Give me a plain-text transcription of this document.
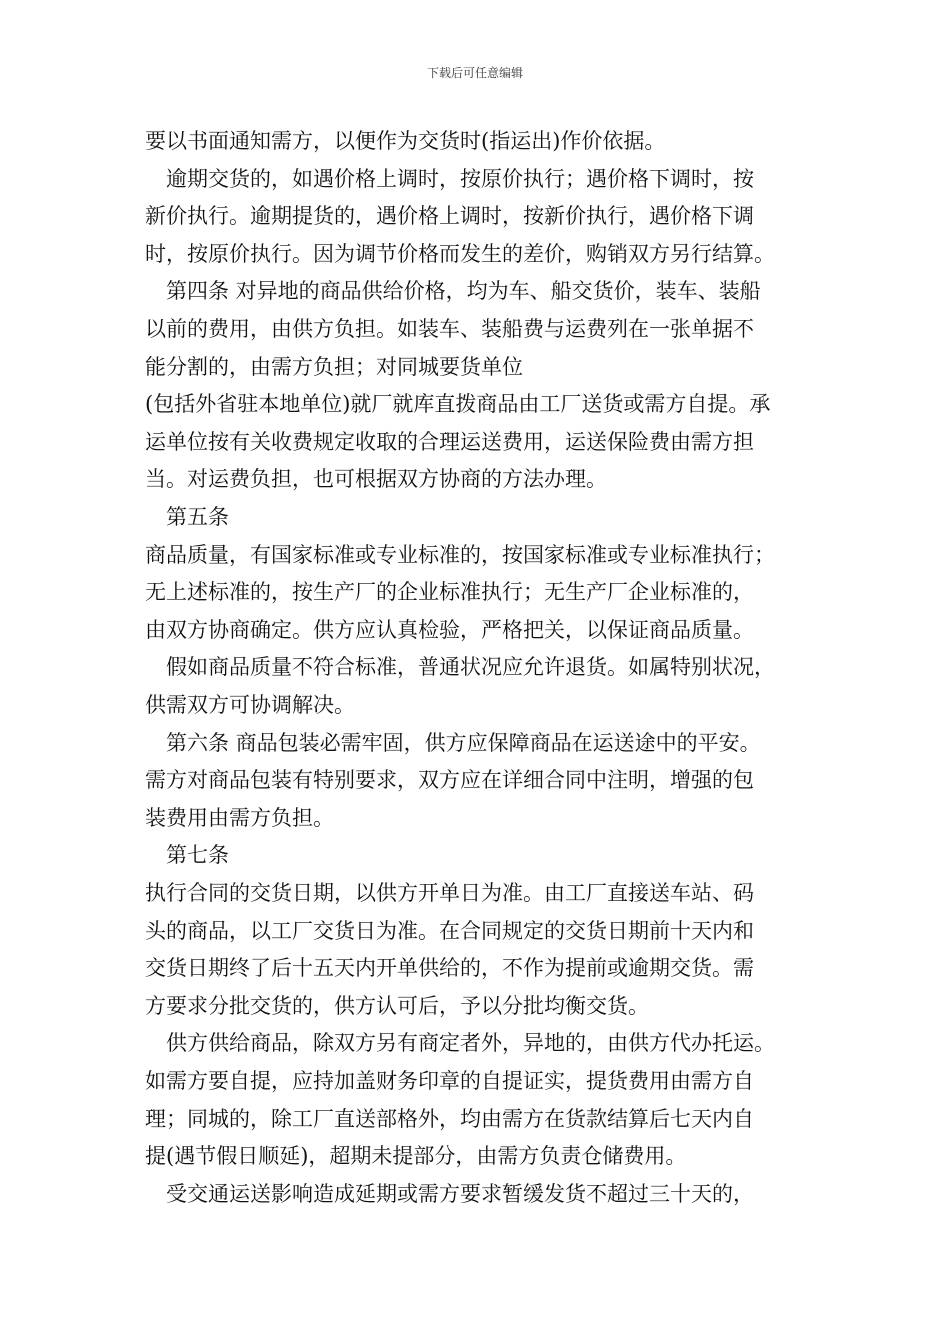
下载后可任意编辑
要以书面通知需方，以便作为交货时(指运出)作价依据。
逾期交货的，如遇价格上调时，按原价执行；遇价格下调时，按
新价执行。逾期提货的，遇价格上调时，按新价执行，遇价格下调
时，按原价执行。因为调节价格而发生的差价，购销双方另行结算。
第四条 对异地的商品供给价格，均为车、船交货价，装车、装船
以前的费用，由供方负担。如装车、装船费与运费列在一张单据不
能分割的，由需方负担；对同城要货单位
(包括外省驻本地单位)就厂就库直拨商品由工厂送货或需方自提。承
运单位按有关收费规定收取的合理运送费用，运送保险费由需方担
当。对运费负担，也可根据双方协商的方法办理。
第五条
商品质量，有国家标准或专业标准的，按国家标准或专业标准执行；
无上述标准的，按生产厂的企业标准执行；无生产厂企业标准的，
由双方协商确定。供方应认真检验，严格把关，以保证商品质量。
假如商品质量不符合标准，普通状况应允许退货。如属特别状况，
供需双方可协调解决。
第六条 商品包装必需牢固，供方应保障商品在运送途中的平安。
需方对商品包装有特别要求，双方应在详细合同中注明，增强的包
装费用由需方负担。
第七条
执行合同的交货日期，以供方开单日为准。由工厂直接送车站、码
头的商品，以工厂交货日为准。在合同规定的交货日期前十天内和
交货日期终了后十五天内开单供给的，不作为提前或逾期交货。需
方要求分批交货的，供方认可后，予以分批均衡交货。
供方供给商品，除双方另有商定者外，异地的，由供方代办托运。
如需方要自提，应持加盖财务印章的自提证实，提货费用由需方自
理；同城的，除工厂直送部格外，均由需方在货款结算后七天内自
提(遇节假日顺延)，超期未提部分，由需方负责仓储费用。
受交通运送影响造成延期或需方要求暂缓发货不超过三十天的，
